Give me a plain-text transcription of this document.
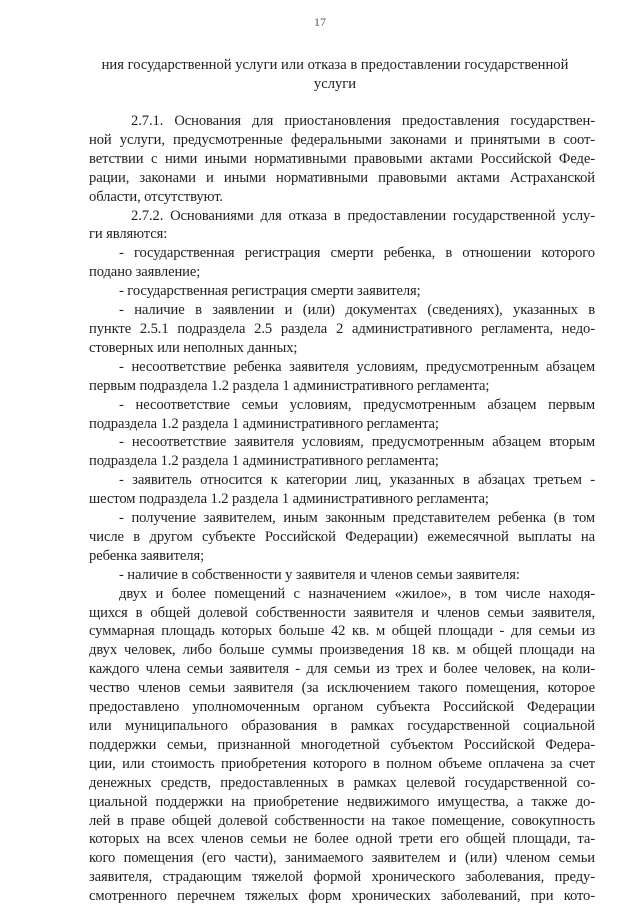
17
ния государственной услуги или отказа в предоставлении государственной
услуги
2.7.1. Основания для приостановления предоставления государствен-
ной услуги, предусмотренные федеральными законами и принятыми в соот-
ветствии с ними иными нормативными правовыми актами Российской Феде-
рации, законами и иными нормативными правовыми актами Астраханской
области, отсутствуют.
2.7.2. Основаниями для отказа в предоставлении государственной услу-
ги являются:
- государственная регистрация смерти ребенка, в отношении которого
подано заявление;
- государственная регистрация смерти заявителя;
- наличие в заявлении и (или) документах (сведениях), указанных в
пункте 2.5.1 подраздела 2.5 раздела 2 административного регламента, недо-
стоверных или неполных данных;
- несоответствие ребенка заявителя условиям, предусмотренным абзацем
первым подраздела 1.2 раздела 1 административного регламента;
- несоответствие семьи условиям, предусмотренным абзацем первым
подраздела 1.2 раздела 1 административного регламента;
- несоответствие заявителя условиям, предусмотренным абзацем вторым
подраздела 1.2 раздела 1 административного регламента;
- заявитель относится к категории лиц, указанных в абзацах третьем -
шестом подраздела 1.2 раздела 1 административного регламента;
- получение заявителем, иным законным представителем ребенка (в том
числе в другом субъекте Российской Федерации) ежемесячной выплаты на
ребенка заявителя;
- наличие в собственности у заявителя и членов семьи заявителя:
двух и более помещений с назначением «жилое», в том числе находя-
щихся в общей долевой собственности заявителя и членов семьи заявителя,
суммарная площадь которых больше 42 кв. м общей площади - для семьи из
двух человек, либо больше суммы произведения 18 кв. м общей площади на
каждого члена семьи заявителя - для семьи из трех и более человек, на коли-
чество членов семьи заявителя (за исключением такого помещения, которое
предоставлено уполномоченным органом субъекта Российской Федерации
или муниципального образования в рамках государственной социальной
поддержки семьи, признанной многодетной субъектом Российской Федера-
ции, или стоимость приобретения которого в полном объеме оплачена за счет
денежных средств, предоставленных в рамках целевой государственной со-
циальной поддержки на приобретение недвижимого имущества, а также до-
лей в праве общей долевой собственности на такое помещение, совокупность
которых на всех членов семьи не более одной трети его общей площади, та-
кого помещения (его части), занимаемого заявителем и (или) членом семьи
заявителя, страдающим тяжелой формой хронического заболевания, преду-
смотренного перечнем тяжелых форм хронических заболеваний, при кото-
